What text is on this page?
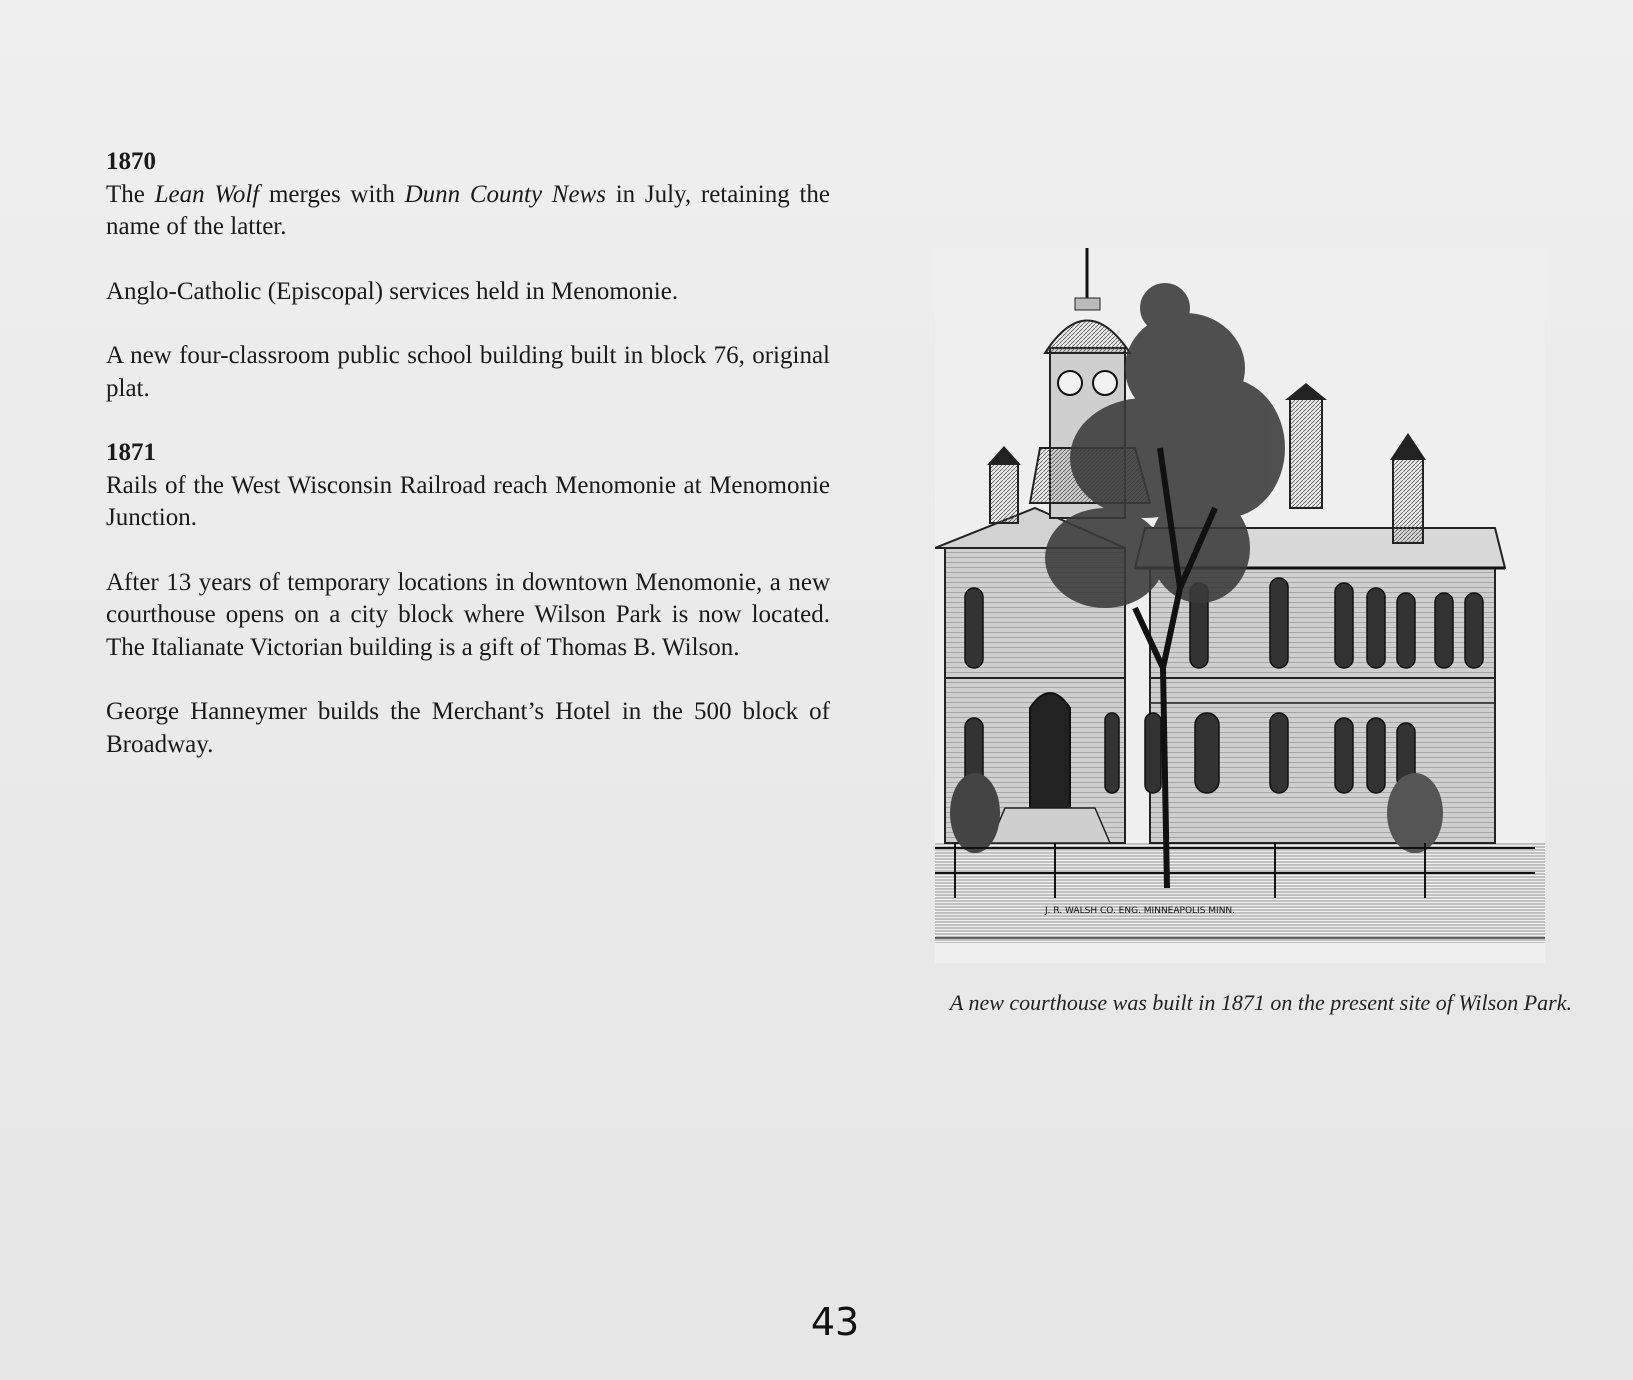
1870

The Lean Wolf merges with Dunn County News in July, retaining the name of the latter.

Anglo-Catholic (Episcopal) services held in Menomonie.

A new four-classroom public school building built in block 76, original plat.

1871

Rails of the West Wisconsin Railroad reach Menomonie at Menomonie Junction.

After 13 years of temporary locations in downtown Menomonie, a new courthouse opens on a city block where Wilson Park is now located. The Italianate Victorian building is a gift of Thomas B. Wilson.

George Hanneymer builds the Merchant’s Hotel in the 500 block of Broadway.

J. R. WALSH CO. ENG. MINNEAPOLIS MINN.
A new courthouse was built in 1871 on the present site of Wilson Park.
43
